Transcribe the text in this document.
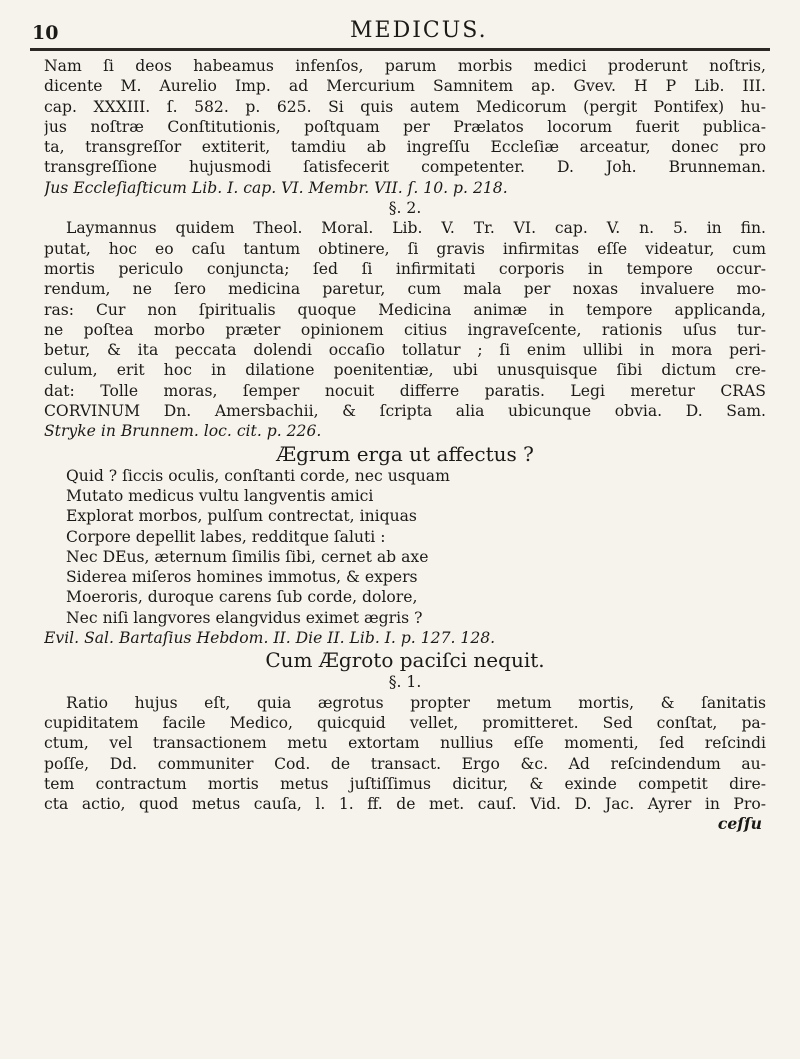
10	MEDICUS.
Nam ſi deos habeamus infenſos, parum morbis medici proderunt noſtris,
dicente M. Aurelio Imp. ad Mercurium Samnitem ap. Gvev. H P Lib. III.
cap. XXXIII. ſ. 582. p. 625. Si quis autem Medicorum (pergit Pontifex) hu-
jus noſtræ Conſtitutionis, poſtquam per Prælatos locorum fuerit publica-
ta, transgreſſor extiterit, tamdiu ab ingreſſu Eccleſiæ arceatur, donec pro
transgreſſione hujusmodi ſatisfecerit competenter. D. Joh. Brunneman.
Jus Eccleſiaſticum Lib. I. cap. VI. Membr. VII. ſ. 10. p. 218.
§. 2.
Laymannus quidem Theol. Moral. Lib. V. Tr. VI. cap. V. n. 5. in fin.
putat, hoc eo caſu tantum obtinere, ſi gravis infirmitas eſſe videatur, cum
mortis periculo conjuncta; ſed ſi infirmitati corporis in tempore occur-
rendum, ne ſero medicina paretur, cum mala per noxas invaluere mo-
ras: Cur non ſpiritualis quoque Medicina animæ in tempore applicanda,
ne poſtea morbo præter opinionem citius ingraveſcente, rationis uſus tur-
betur, & ita peccata dolendi occaſio tollatur ; ſi enim ullibi in mora peri-
culum, erit hoc in dilatione poenitentiæ, ubi unusquisque ſibi dictum cre-
dat: Tolle moras, ſemper nocuit differre paratis. Legi meretur CRAS
CORVINUM Dn. Amersbachii, & ſcripta alia ubicunque obvia. D. Sam.
Stryke in Brunnem. loc. cit. p. 226.
Ægrum erga ut affectus ?
Quid ? ſiccis oculis, conſtanti corde, nec usquam
Mutato medicus vultu langventis amici
Explorat morbos, pulſum contrectat, iniquas
Corpore depellit labes, redditque ſaluti :
Nec DEus, æternum ſimilis ſibi, cernet ab axe
Siderea miſeros homines immotus, & expers
Moeroris, duroque carens ſub corde, dolore,
Nec niſi langvores elangvidus eximet ægris ?
Evil. Sal. Bartaſius Hebdom. II. Die II. Lib. I. p. 127. 128.
Cum Ægroto paciſci nequit.
§. 1.
Ratio hujus eſt, quia ægrotus propter metum mortis, & ſanitatis
cupiditatem facile Medico, quicquid vellet, promitteret. Sed conſtat, pa-
ctum, vel transactionem metu extortam nullius eſſe momenti, ſed reſcindi
poſſe, Dd. communiter Cod. de transact. Ergo &c. Ad reſcindendum au-
tem contractum mortis metus juſtiſſimus dicitur, & exinde competit dire-
cta actio, quod metus cauſa, l. 1. ff. de met. cauſ. Vid. D. Jac. Ayrer in Pro-
ceſſu
